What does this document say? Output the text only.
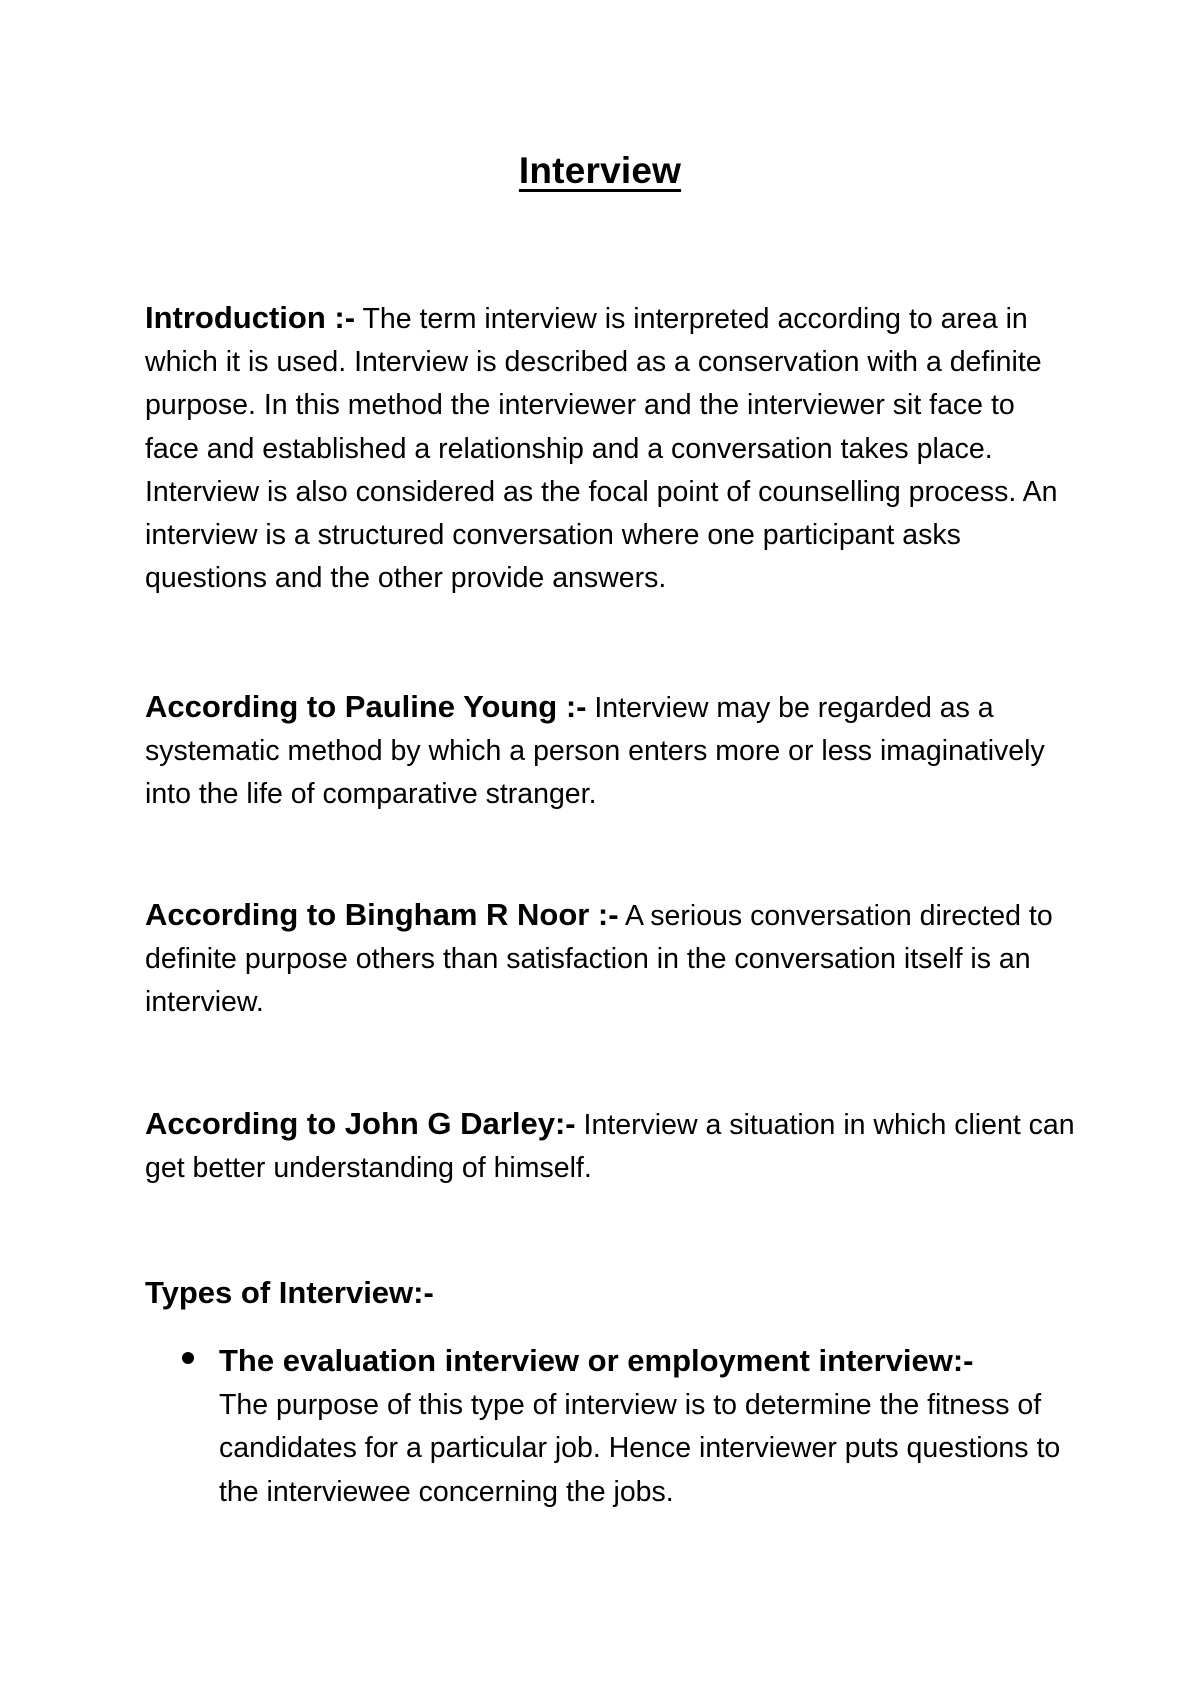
Interview
Introduction :- The term interview is interpreted according to area in which it is used. Interview is described as a conservation with a definite purpose. In this method the interviewer and the interviewer sit face to face and established a relationship and a conversation takes place. Interview is also considered as the focal point of counselling process. An interview is a structured conversation where one participant asks questions and the other provide answers.
According to Pauline Young :- Interview may be regarded as a systematic method by which a person enters more or less imaginatively into the life of comparative stranger.
According to Bingham R Noor :- A serious conversation directed to definite purpose others than satisfaction in the conversation itself is an interview.
According to John G Darley:- Interview a situation in which client can get better understanding of himself.
Types of Interview:-
The evaluation interview or employment interview:-
The purpose of this type of interview is to determine the fitness of candidates for a particular job. Hence interviewer puts questions to the interviewee concerning the jobs.
